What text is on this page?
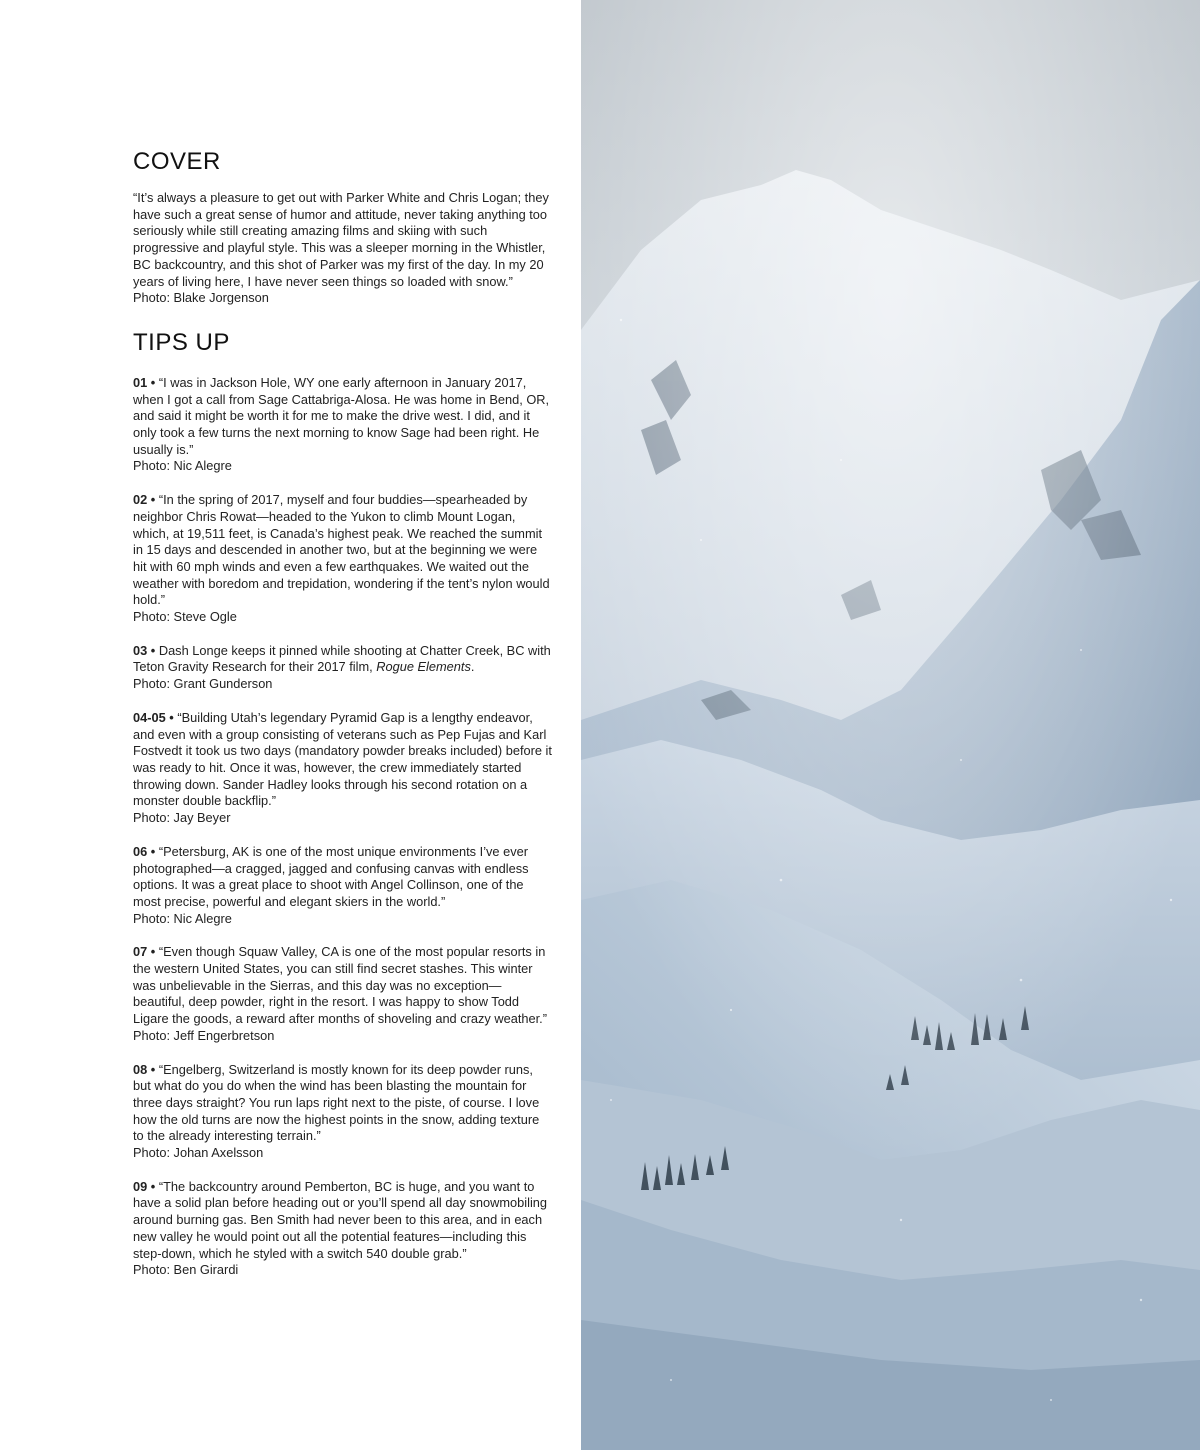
COVER

“It’s always a pleasure to get out with Parker White and Chris Logan; they have such a great sense of humor and attitude, never taking anything too seriously while still creating amazing films and skiing with such progressive and playful style. This was a sleeper morning in the Whistler, BC backcountry, and this shot of Parker was my first of the day. In my 20 years of living here, I have never seen things so loaded with snow.”
Photo: Blake Jorgenson

TIPS UP

01 • “I was in Jackson Hole, WY one early afternoon in January 2017, when I got a call from Sage Cattabriga-Alosa. He was home in Bend, OR, and said it might be worth it for me to make the drive west. I did, and it only took a few turns the next morning to know Sage had been right. He usually is.”
Photo: Nic Alegre

02 • “In the spring of 2017, myself and four buddies—spearheaded by neighbor Chris Rowat—headed to the Yukon to climb Mount Logan, which, at 19,511 feet, is Canada’s highest peak. We reached the summit in 15 days and descended in another two, but at the beginning we were hit with 60 mph winds and even a few earthquakes. We waited out the weather with boredom and trepidation, wondering if the tent’s nylon would hold.”
Photo: Steve Ogle

03 • Dash Longe keeps it pinned while shooting at Chatter Creek, BC with Teton Gravity Research for their 2017 film, Rogue Elements.
Photo: Grant Gunderson

04-05 • “Building Utah’s legendary Pyramid Gap is a lengthy endeavor, and even with a group consisting of veterans such as Pep Fujas and Karl Fostvedt it took us two days (mandatory powder breaks included) before it was ready to hit. Once it was, however, the crew immediately started throwing down. Sander Hadley looks through his second rotation on a monster double backflip.”
Photo: Jay Beyer

06 • “Petersburg, AK is one of the most unique environments I’ve ever photographed—a cragged, jagged and confusing canvas with endless options. It was a great place to shoot with Angel Collinson, one of the most precise, powerful and elegant skiers in the world.”
Photo: Nic Alegre

07 • “Even though Squaw Valley, CA is one of the most popular resorts in the western United States, you can still find secret stashes. This winter was unbelievable in the Sierras, and this day was no exception—beautiful, deep powder, right in the resort. I was happy to show Todd Ligare the goods, a reward after months of shoveling and crazy weather.”
Photo: Jeff Engerbretson

08 • “Engelberg, Switzerland is mostly known for its deep powder runs, but what do you do when the wind has been blasting the mountain for three days straight? You run laps right next to the piste, of course. I love how the old turns are now the highest points in the snow, adding texture to the already interesting terrain.”
Photo: Johan Axelsson

09 • “The backcountry around Pemberton, BC is huge, and you want to have a solid plan before heading out or you’ll spend all day snowmobiling around burning gas. Ben Smith had never been to this area, and in each new valley he would point out all the potential features—including this step-down, which he styled with a switch 540 double grab.”
Photo: Ben Girardi
